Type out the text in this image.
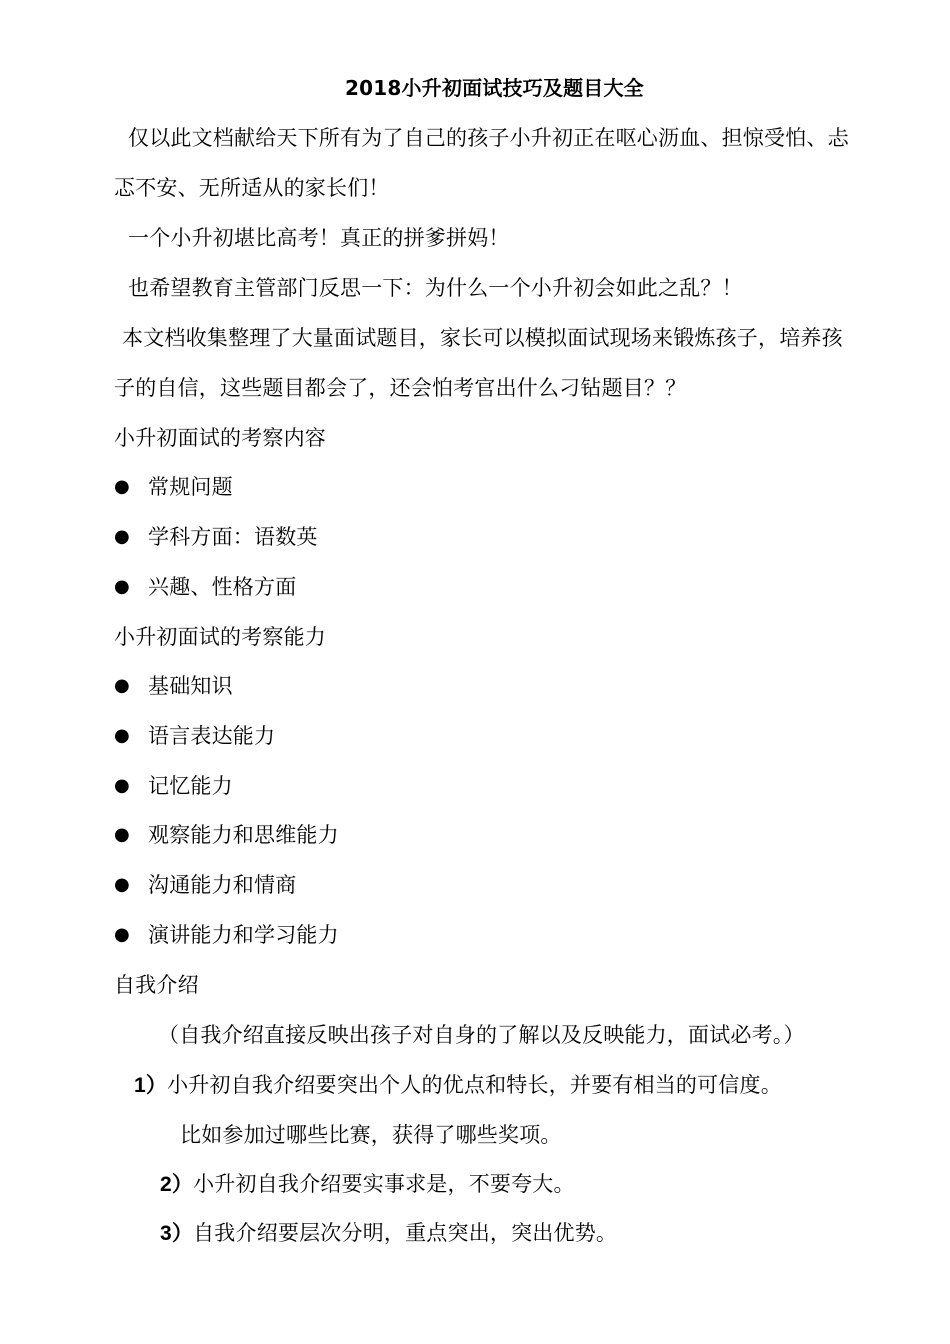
2018小升初面试技巧及题目大全
仅以此文档献给天下所有为了自己的孩子小升初正在呕心沥血、担惊受怕、忐
忑不安、无所适从的家长们！
一个小升初堪比高考！真正的拼爹拼妈！
也希望教育主管部门反思一下：为什么一个小升初会如此之乱？！
本文档收集整理了大量面试题目，家长可以模拟面试现场来锻炼孩子，培养孩
子的自信，这些题目都会了，还会怕考官出什么刁钻题目？？
小升初面试的考察内容
● 常规问题
● 学科方面：语数英
● 兴趣、性格方面
小升初面试的考察能力
● 基础知识
● 语言表达能力
● 记忆能力
● 观察能力和思维能力
● 沟通能力和情商
● 演讲能力和学习能力
自我介绍
（自我介绍直接反映出孩子对自身的了解以及反映能力，面试必考。）
1）小升初自我介绍要突出个人的优点和特长，并要有相当的可信度。
比如参加过哪些比赛，获得了哪些奖项。
2）小升初自我介绍要实事求是，不要夸大。
3）自我介绍要层次分明，重点突出，突出优势。
